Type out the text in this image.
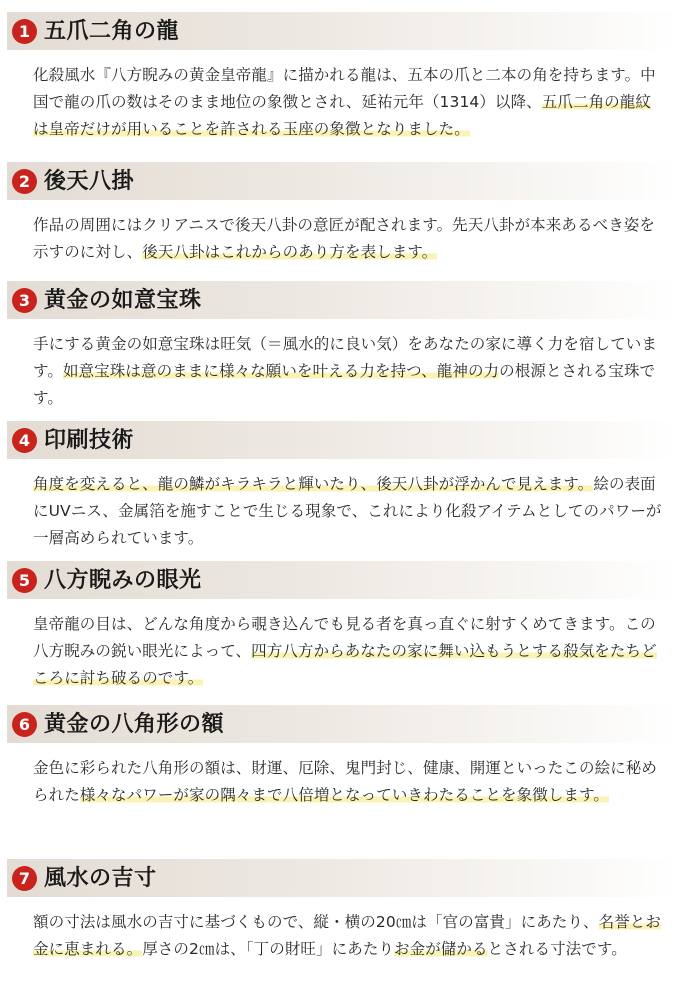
1 五爪二角の龍
化殺風水『八方睨みの黄金皇帝龍』に描かれる龍は、五本の爪と二本の角を持ちます。中国で龍の爪の数はそのまま地位の象徴とされ、延祐元年（1314）以降、五爪二角の龍紋は皇帝だけが用いることを許される玉座の象徴となりました。
2 後天八掛
作品の周囲にはクリアニスで後天八卦の意匠が配されます。先天八卦が本来あるべき姿を示すのに対し、後天八卦はこれからのあり方を表します。
3 黄金の如意宝珠
手にする黄金の如意宝珠は旺気（＝風水的に良い気）をあなたの家に導く力を宿しています。如意宝珠は意のままに様々な願いを叶える力を持つ、龍神の力の根源とされる宝珠です。
4 印刷技術
角度を変えると、龍の鱗がキラキラと輝いたり、後天八卦が浮かんで見えます。絵の表面にUVニス、金属箔を施すことで生じる現象で、これにより化殺アイテムとしてのパワーが一層高められています。
5 八方睨みの眼光
皇帝龍の目は、どんな角度から覗き込んでも見る者を真っ直ぐに射すくめてきます。この八方睨みの鋭い眼光によって、四方八方からあなたの家に舞い込もうとする殺気をたちどころに討ち破るのです。
6 黄金の八角形の額
金色に彩られた八角形の額は、財運、厄除、鬼門封じ、健康、開運といったこの絵に秘められた様々なパワーが家の隅々まで八倍増となっていきわたることを象徴します。
7 風水の吉寸
額の寸法は風水の吉寸に基づくもので、縦・横の20㎝は「官の富貴」にあたり、名誉とお金に恵まれる。厚さの2㎝は、「丁の財旺」にあたりお金が儲かるとされる寸法です。
